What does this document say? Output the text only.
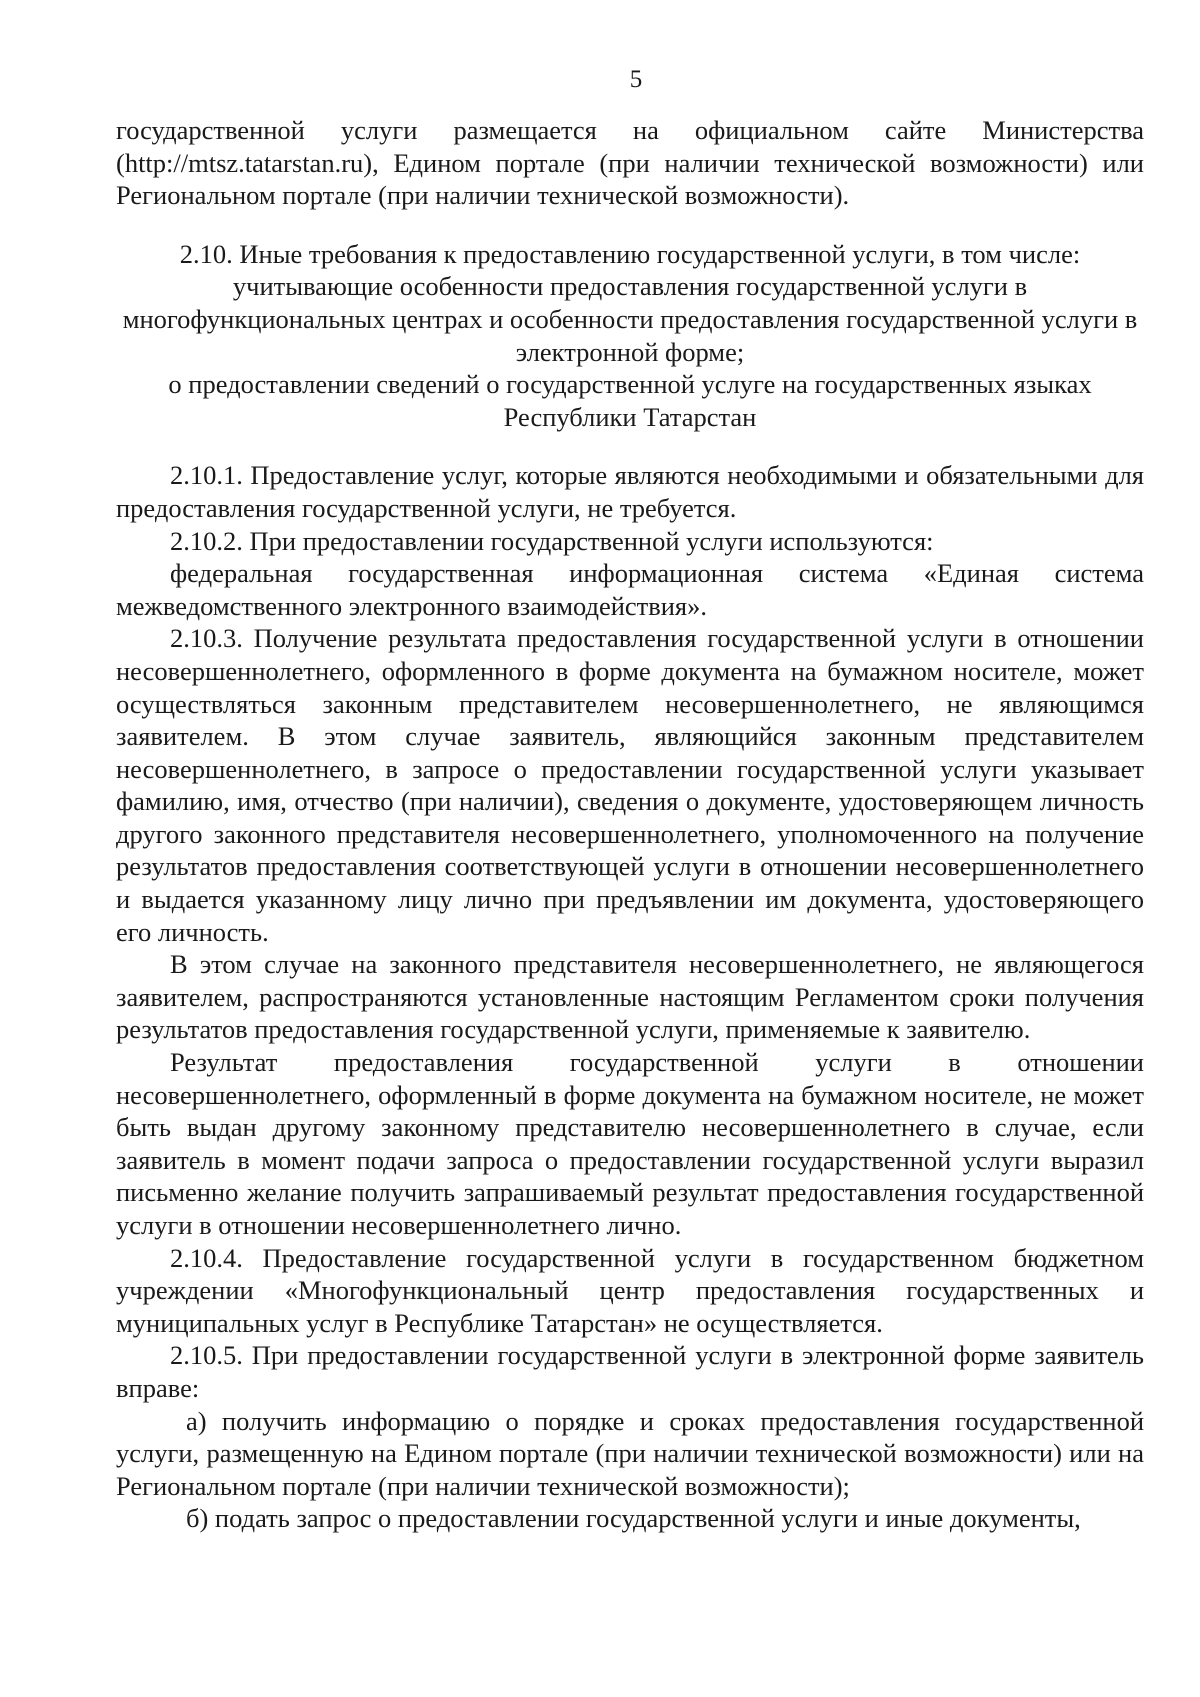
5

государственной услуги размещается на официальном сайте Министерства (http://mtsz.tatarstan.ru), Едином портале (при наличии технической возможности) или Региональном портале (при наличии технической возможности).

2.10. Иные требования к предоставлению государственной услуги, в том числе: учитывающие особенности предоставления государственной услуги в многофункциональных центрах и особенности предоставления государственной услуги в электронной форме;
о предоставлении сведений о государственной услуге на государственных языках Республики Татарстан

2.10.1. Предоставление услуг, которые являются необходимыми и обязательными для предоставления государственной услуги, не требуется.

2.10.2. При предоставлении государственной услуги используются:

федеральная государственная информационная система «Единая система межведомственного электронного взаимодействия».

2.10.3. Получение результата предоставления государственной услуги в отношении несовершеннолетнего, оформленного в форме документа на бумажном носителе, может осуществляться законным представителем несовершеннолетнего, не являющимся заявителем. В этом случае заявитель, являющийся законным представителем несовершеннолетнего, в запросе о предоставлении государственной услуги указывает фамилию, имя, отчество (при наличии), сведения о документе, удостоверяющем личность другого законного представителя несовершеннолетнего, уполномоченного на получение результатов предоставления соответствующей услуги в отношении несовершеннолетнего и выдается указанному лицу лично при предъявлении им документа, удостоверяющего его личность.

В этом случае на законного представителя несовершеннолетнего, не являющегося заявителем, распространяются установленные настоящим Регламентом сроки получения результатов предоставления государственной услуги, применяемые к заявителю.

Результат предоставления государственной услуги в отношении несовершеннолетнего, оформленный в форме документа на бумажном носителе, не может быть выдан другому законному представителю несовершеннолетнего в случае, если заявитель в момент подачи запроса о предоставлении государственной услуги выразил письменно желание получить запрашиваемый результат предоставления государственной услуги в отношении несовершеннолетнего лично.

2.10.4. Предоставление государственной услуги в государственном бюджетном учреждении «Многофункциональный центр предоставления государственных и муниципальных услуг в Республике Татарстан» не осуществляется.

2.10.5. При предоставлении государственной услуги в электронной форме заявитель вправе:

а) получить информацию о порядке и сроках предоставления государственной услуги, размещенную на Едином портале (при наличии технической возможности) или на Региональном портале (при наличии технической возможности);

б) подать запрос о предоставлении государственной услуги и иные документы,
